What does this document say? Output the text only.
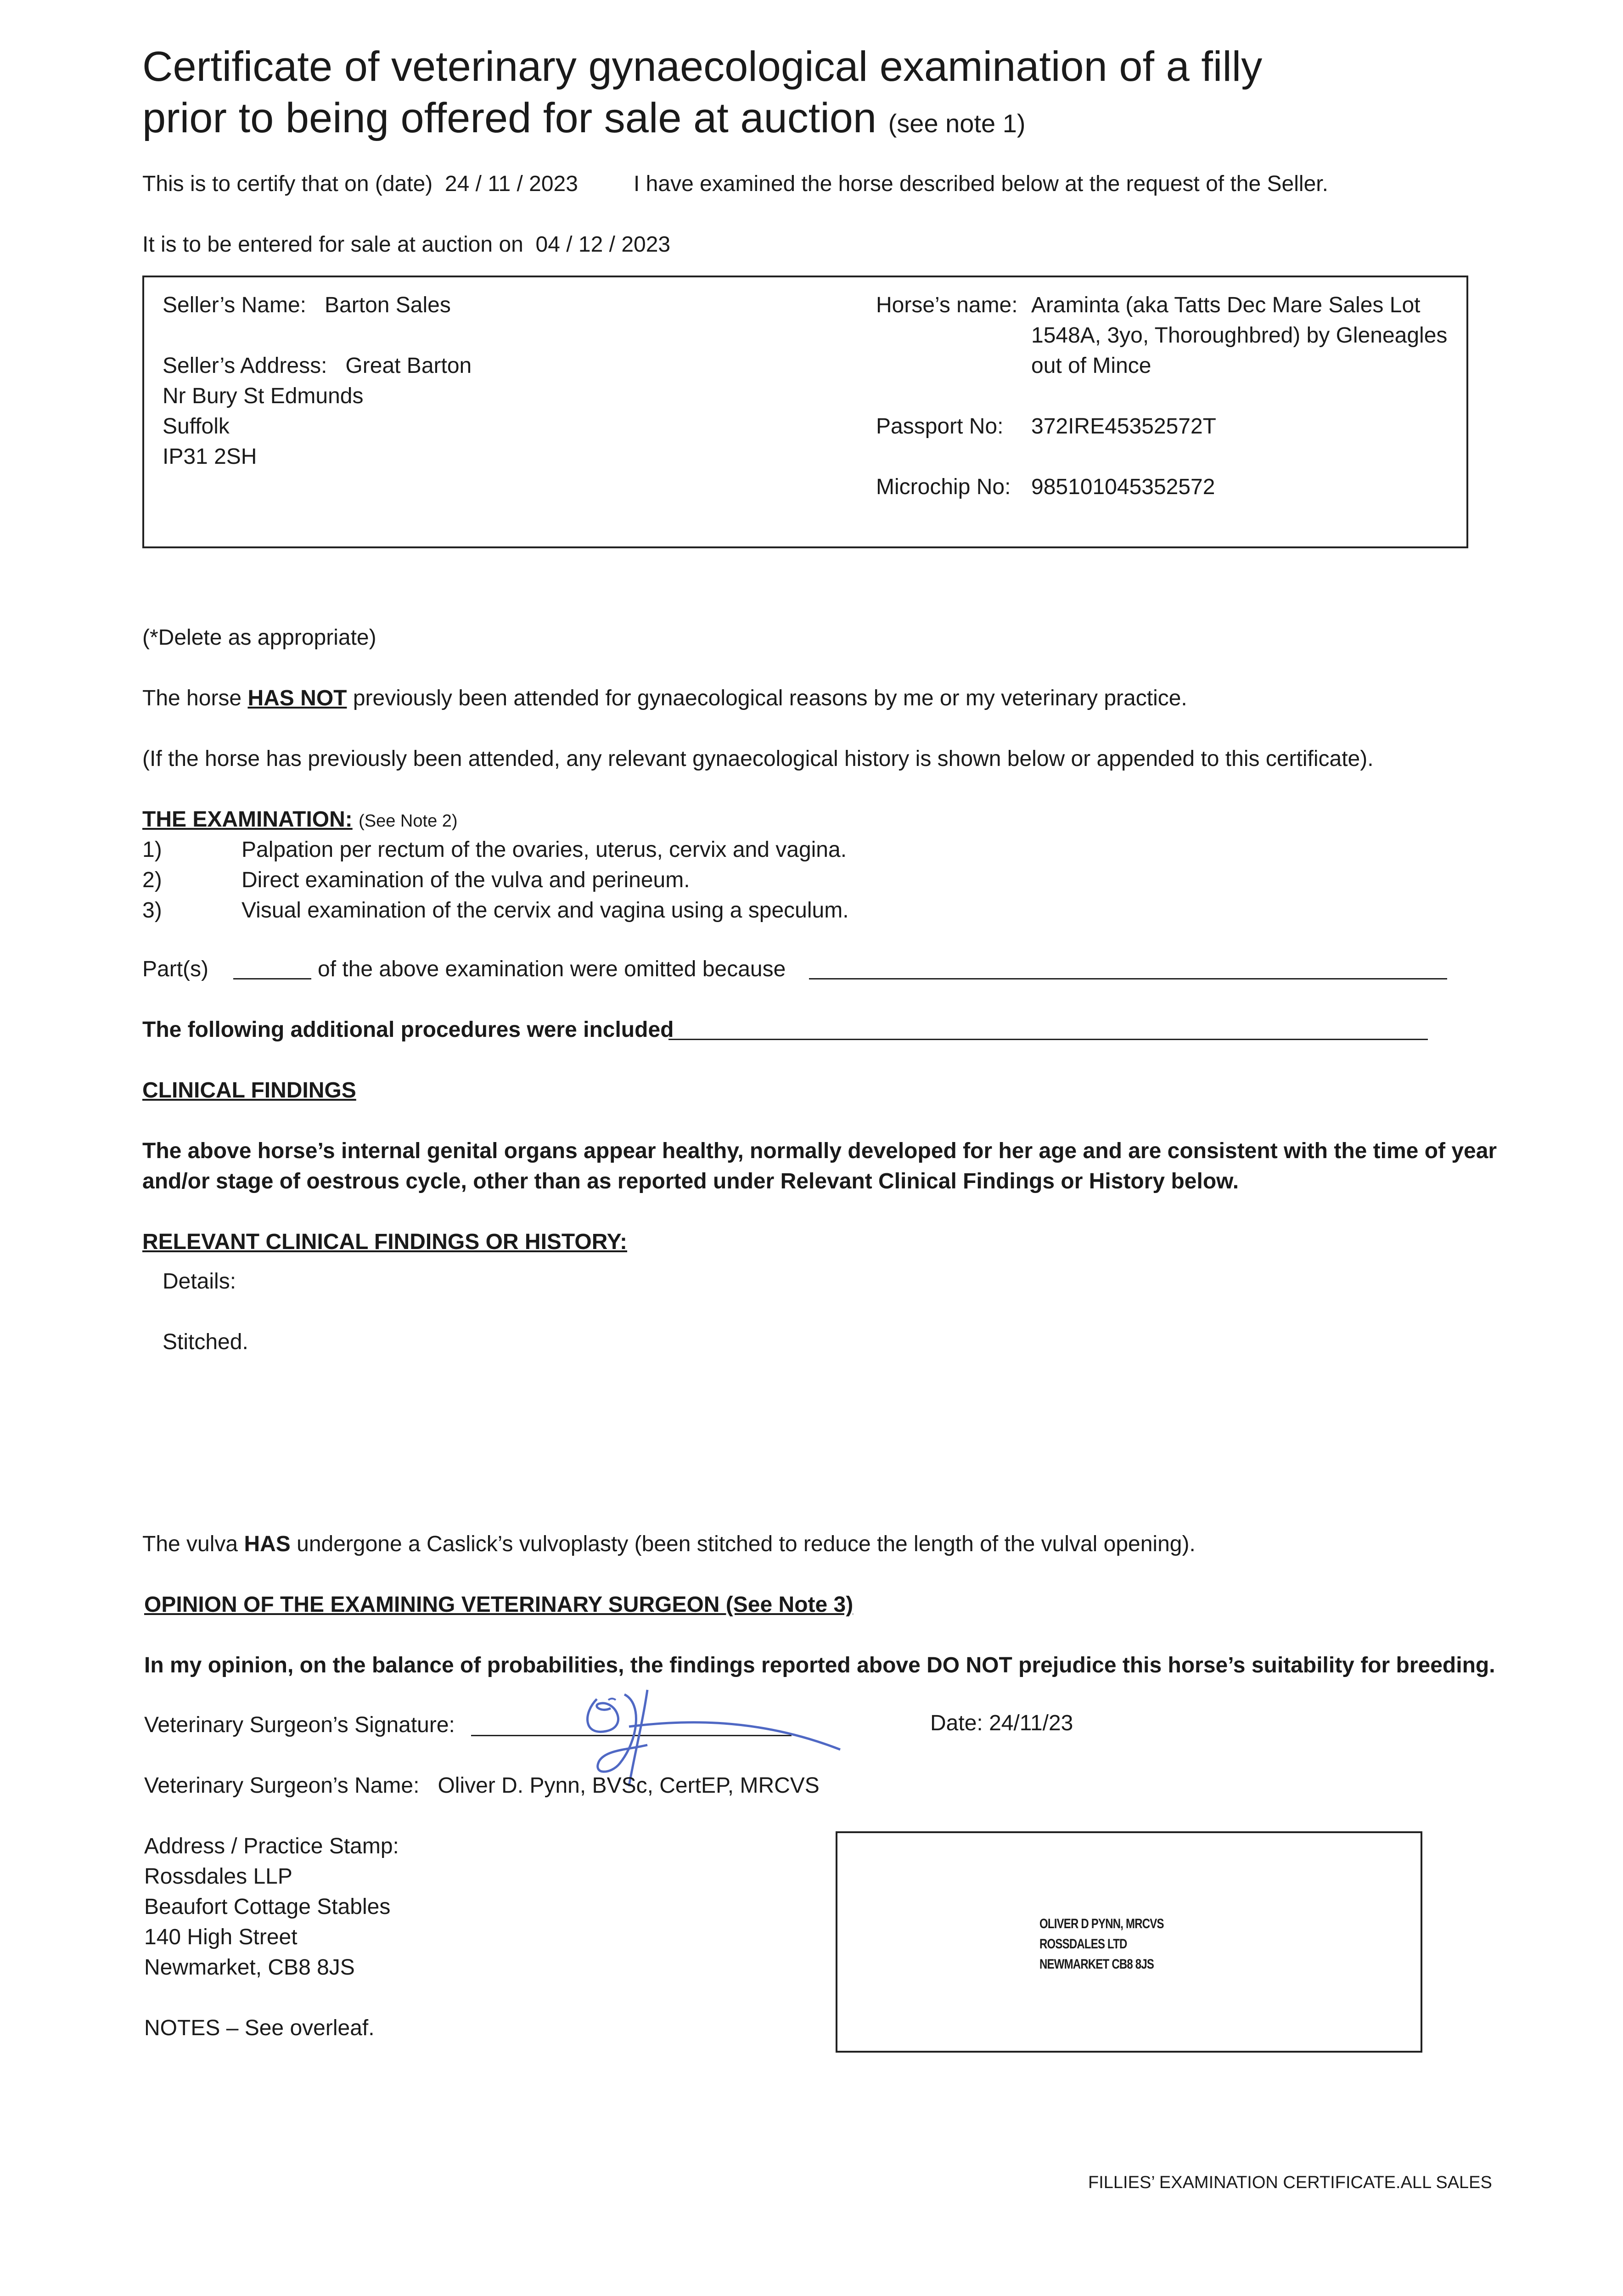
Certificate of veterinary gynaecological examination of a filly
prior to being offered for sale at auction (see note 1)
This is to certify that on (date) 24 / 11 / 2023	I have examined the horse described below at the request of the Seller.
It is to be entered for sale at auction on 04 / 12 / 2023
Seller’s Name: Barton Sales
Seller’s Address: Great Barton
Nr Bury St Edmunds
Suffolk
IP31 2SH
Horse’s name: Araminta (aka Tatts Dec Mare Sales Lot
1548A, 3yo, Thoroughbred) by Gleneagles
out of Mince
Passport No: 372IRE45352572T
Microchip No: 985101045352572
(*Delete as appropriate)
The horse HAS NOT previously been attended for gynaecological reasons by me or my veterinary practice.
(If the horse has previously been attended, any relevant gynaecological history is shown below or appended to this certificate).
THE EXAMINATION: (See Note 2)
1)	Palpation per rectum of the ovaries, uterus, cervix and vagina.
2)	Direct examination of the vulva and perineum.
3)	Visual examination of the cervix and vagina using a speculum.
Part(s)	of the above examination were omitted because
The following additional procedures were included
CLINICAL FINDINGS
The above horse’s internal genital organs appear healthy, normally developed for her age and are consistent with the time of year
and/or stage of oestrous cycle, other than as reported under Relevant Clinical Findings or History below.
RELEVANT CLINICAL FINDINGS OR HISTORY:
Details:
Stitched.
The vulva HAS undergone a Caslick’s vulvoplasty (been stitched to reduce the length of the vulval opening).
OPINION OF THE EXAMINING VETERINARY SURGEON (See Note 3)
In my opinion, on the balance of probabilities, the findings reported above DO NOT prejudice this horse’s suitability for breeding.
Veterinary Surgeon’s Signature:	Date: 24/11/23
Veterinary Surgeon’s Name: Oliver D. Pynn, BVSc, CertEP, MRCVS
Address / Practice Stamp:
Rossdales LLP
Beaufort Cottage Stables
140 High Street
Newmarket, CB8 8JS
OLIVER D PYNN, MRCVS
ROSSDALES LTD
NEWMARKET CB8 8JS
NOTES – See overleaf.
FILLIES’ EXAMINATION CERTIFICATE.ALL SALES
